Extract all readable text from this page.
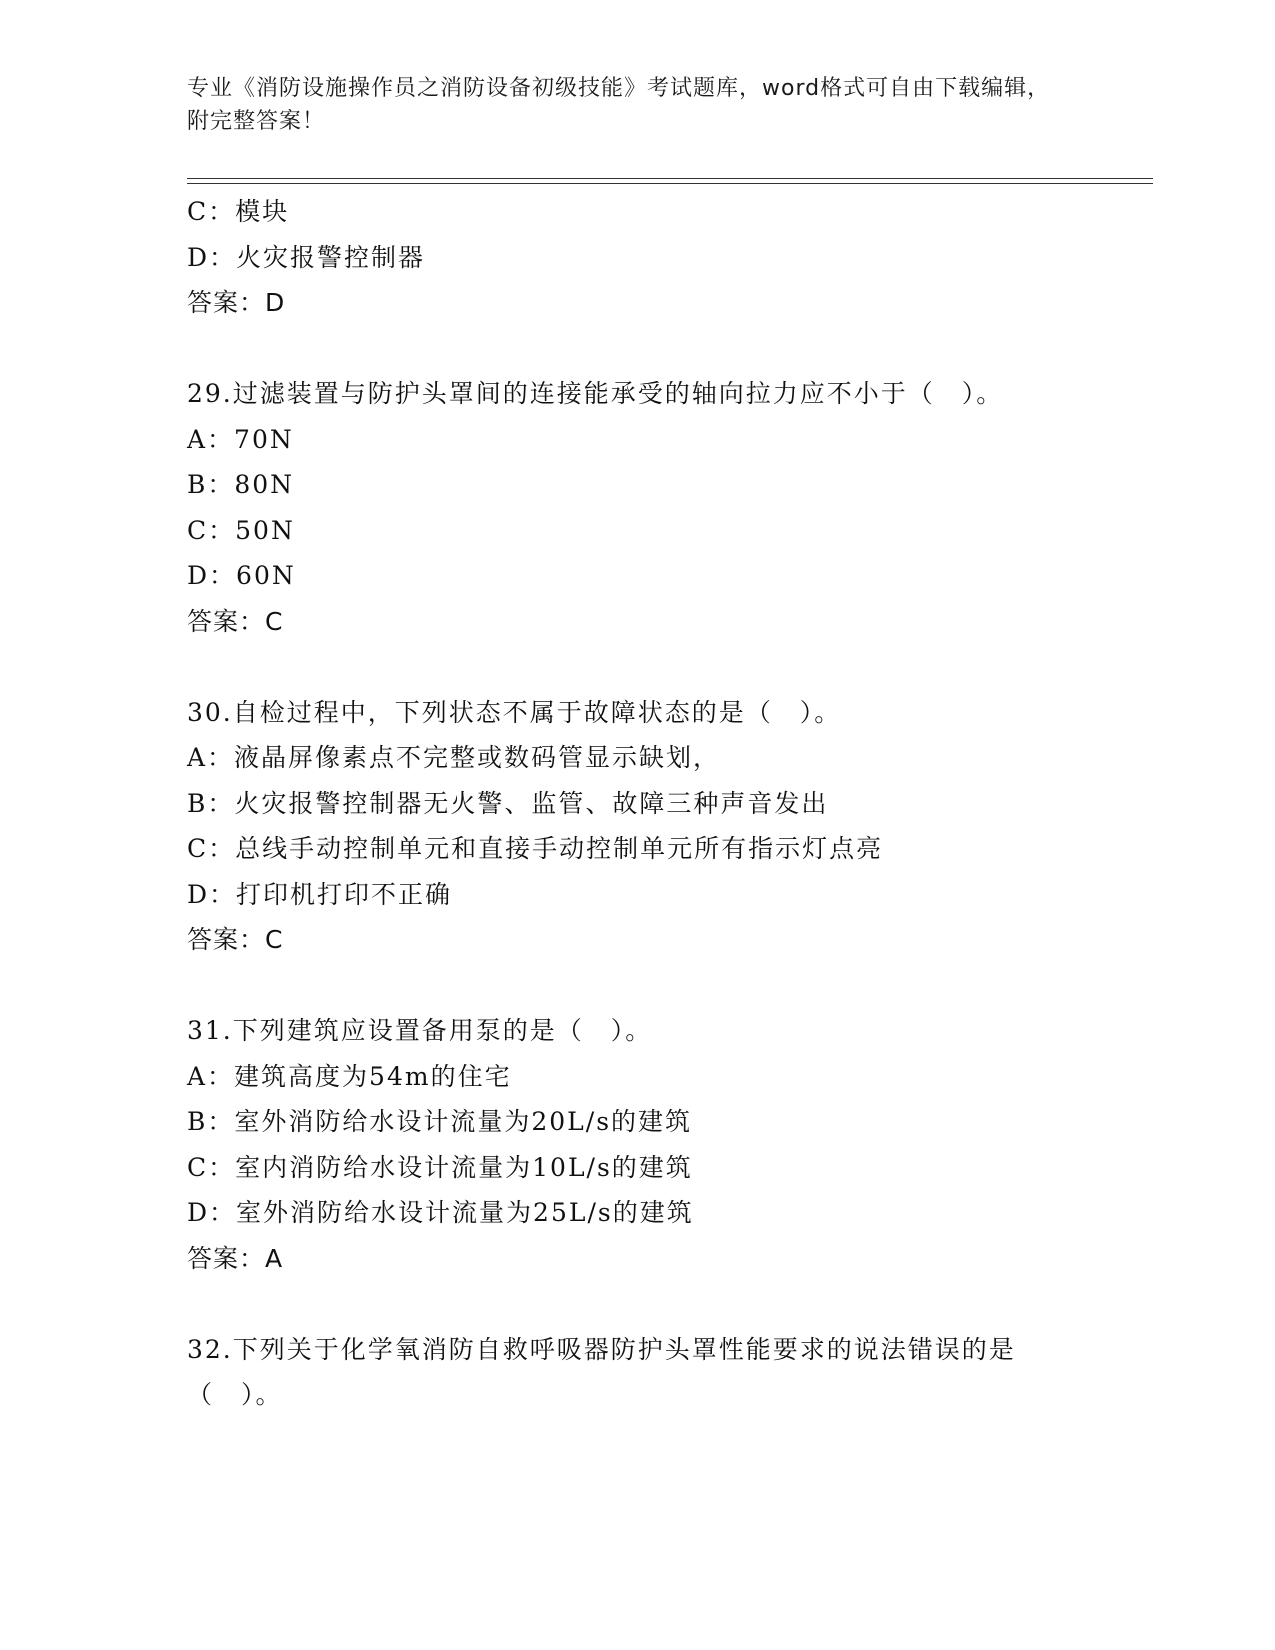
专业《消防设施操作员之消防设备初级技能》考试题库，word格式可自由下载编辑，附完整答案！
C：模块
D：火灾报警控制器
答案：D
29.过滤装置与防护头罩间的连接能承受的轴向拉力应不小于（　）。
A：70N
B：80N
C：50N
D：60N
答案：C
30.自检过程中，下列状态不属于故障状态的是（　）。
A：液晶屏像素点不完整或数码管显示缺划，
B：火灾报警控制器无火警、监管、故障三种声音发出
C：总线手动控制单元和直接手动控制单元所有指示灯点亮
D：打印机打印不正确
答案：C
31.下列建筑应设置备用泵的是（　）。
A：建筑高度为54m的住宅
B：室外消防给水设计流量为20L/s的建筑
C：室内消防给水设计流量为10L/s的建筑
D：室外消防给水设计流量为25L/s的建筑
答案：A
32.下列关于化学氧消防自救呼吸器防护头罩性能要求的说法错误的是（　）。
